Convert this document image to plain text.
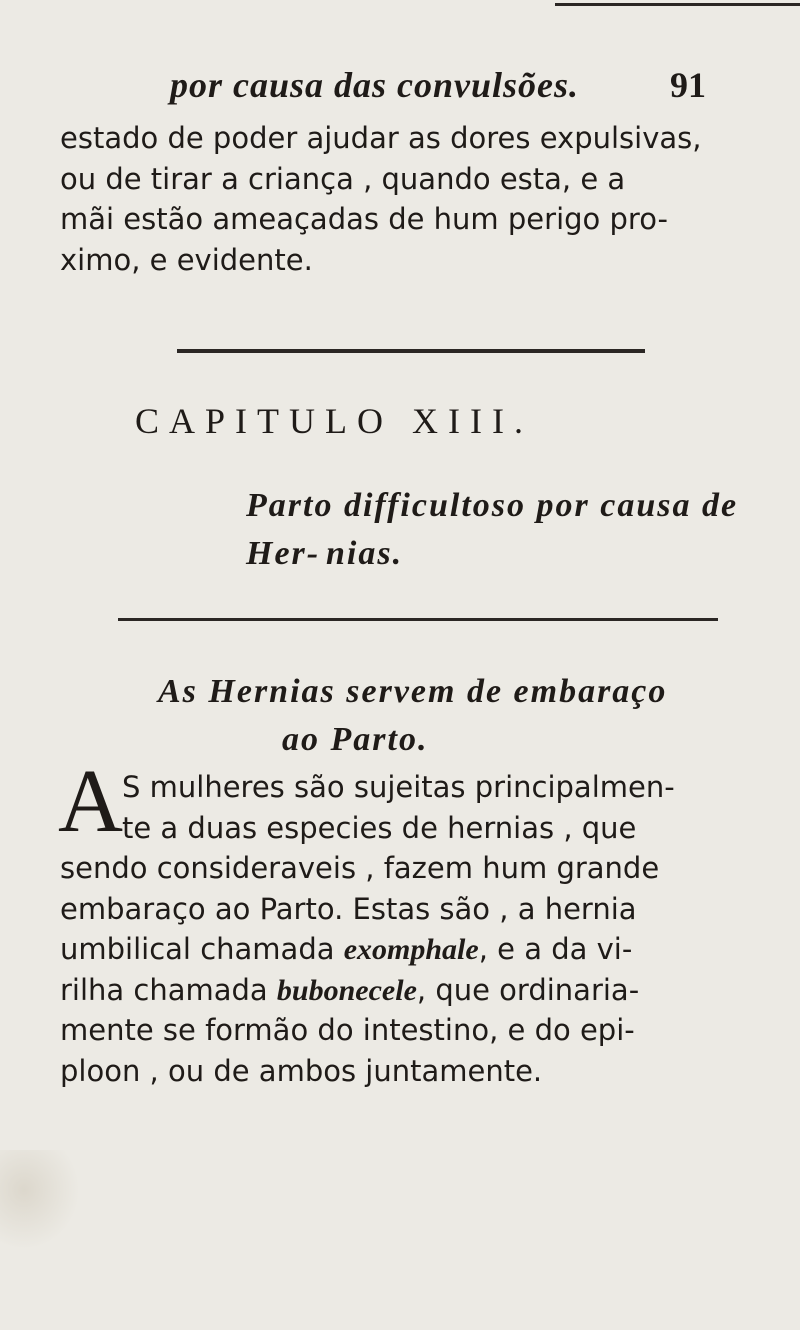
por causa das convulsões.	91
estado de poder ajudar as dores expulsivas,
ou de tirar a criança , quando esta, e a
mãi estão ameaçadas de hum perigo pro-
ximo, e evidente.
CAPITULO XIII.
Parto difficultoso por causa de Her- nias.
As Hernias servem de embaraço
ao Parto.
A S mulheres são sujeitas principalmen-
te a duas especies de hernias , que
sendo consideraveis , fazem hum grande
embaraço ao Parto. Estas são , a hernia
umbilical chamada exomphale, e a da vi-
rilha chamada bubonecele, que ordinaria-
mente se formão do intestino, e do epi-
ploon , ou de ambos juntamente.
